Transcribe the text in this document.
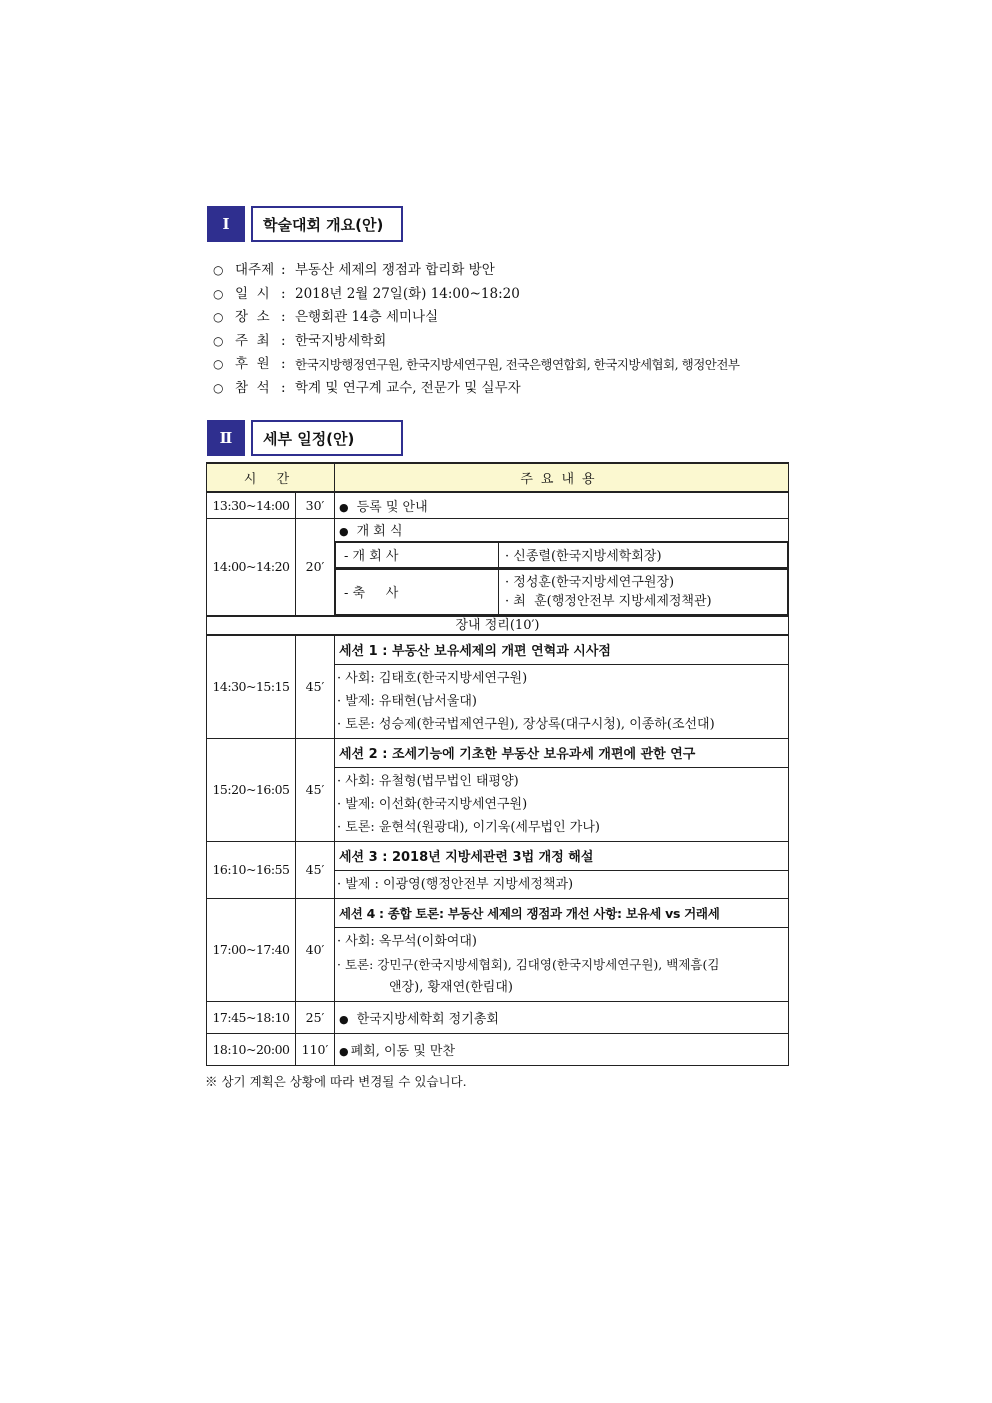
Ⅰ	학술대회 개요(안)
○ 대주제 : 부동산 세제의 쟁점과 합리화 방안
○ 일  시 : 2018년 2월 27일(화) 14:00~18:20
○ 장  소 : 은행회관 14층 세미나실
○ 주  최 : 한국지방세학회
○ 후  원 : 한국지방행정연구원, 한국지방세연구원, 전국은행연합회, 한국지방세협회, 행정안전부
○ 참  석 : 학계 및 연구계 교수, 전문가 및 실무자
Ⅱ	세부 일정(안)
시 간	주요내용
13:30~14:00	30′	● 등록 및 안내
14:00~14:20	20′	● 개 회 식

- 개 회 사	· 신종렬(한국지방세학회장)

- 축     사	
· 정성훈(한국지방세연구원장)
· 최  훈(행정안전부 지방세제정책관)

장내 정리(10′)
14:30~15:15	45′	세션 1 : 부동산 보유세제의 개편 연혁과 시사점

· 사회: 김태호(한국지방세연구원)
· 발제: 유태현(남서울대)
· 토론: 성승제(한국법제연구원), 장상록(대구시청), 이종하(조선대)

15:20~16:05	45′	세션 2 : 조세기능에 기초한 부동산 보유과세 개편에 관한 연구

· 사회: 유철형(법무법인 태평양)
· 발제: 이선화(한국지방세연구원)
· 토론: 윤현석(원광대), 이기욱(세무법인 가나)

16:10~16:55	45′	세션 3 : 2018년 지방세관련 3법 개정 해설

· 발제 : 이광영(행정안전부 지방세정책과)

17:00~17:40	40′	세션 4 : 종합 토론: 부동산 세제의 쟁점과 개선 사항: 보유세 vs 거래세

· 사회: 옥무석(이화여대)
· 토론: 강민구(한국지방세협회), 김대영(한국지방세연구원), 백제흠(김
앤장), 황재연(한림대)

17:45~18:10	25′	● 한국지방세학회 정기총회
18:10~20:00	110′	● 폐회, 이동 및 만찬
※ 상기 계획은 상황에 따라 변경될 수 있습니다.
